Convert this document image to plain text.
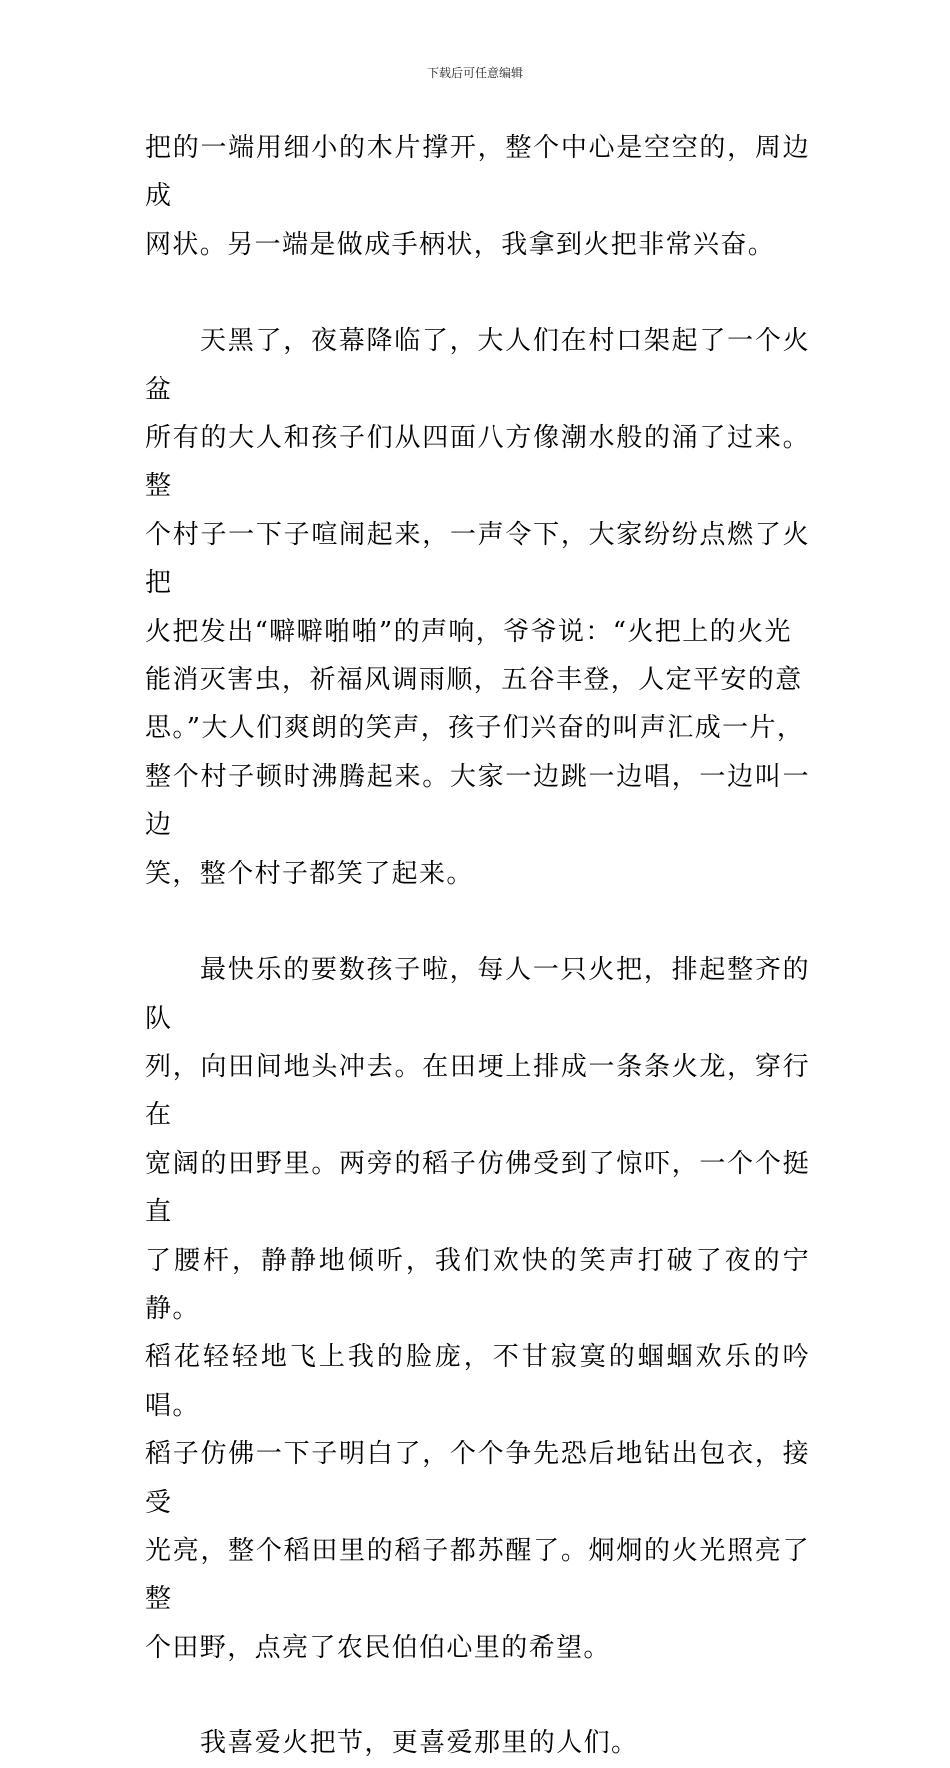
下载后可任意编辑
把的一端用细小的木片撑开，整个中心是空空的，周边成
网状。另一端是做成手柄状，我拿到火把非常兴奋。
天黑了，夜幕降临了，大人们在村口架起了一个火盆
所有的大人和孩子们从四面八方像潮水般的涌了过来。整
个村子一下子喧闹起来，一声令下，大家纷纷点燃了火把
火把发出“噼噼啪啪”的声响，爷爷说：“火把上的火光
能消灭害虫，祈福风调雨顺，五谷丰登，人定平安的意
思。”大人们爽朗的笑声，孩子们兴奋的叫声汇成一片，
整个村子顿时沸腾起来。大家一边跳一边唱，一边叫一边
笑，整个村子都笑了起来。
最快乐的要数孩子啦，每人一只火把，排起整齐的队
列，向田间地头冲去。在田埂上排成一条条火龙，穿行在
宽阔的田野里。两旁的稻子仿佛受到了惊吓，一个个挺直
了腰杆，静静地倾听，我们欢快的笑声打破了夜的宁静。
稻花轻轻地飞上我的脸庞，不甘寂寞的蝈蝈欢乐的吟唱。
稻子仿佛一下子明白了，个个争先恐后地钻出包衣，接受
光亮，整个稻田里的稻子都苏醒了。炯炯的火光照亮了整
个田野，点亮了农民伯伯心里的希望。
我喜爱火把节，更喜爱那里的人们。
